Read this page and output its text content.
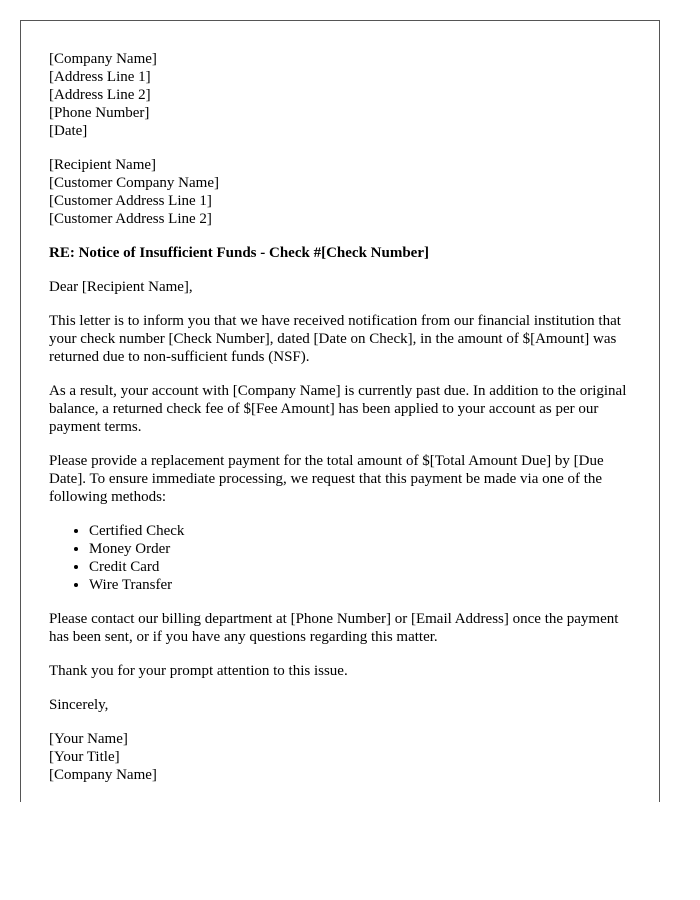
[Company Name]
[Address Line 1]
[Address Line 2]
[Phone Number]
[Date]
[Recipient Name]
[Customer Company Name]
[Customer Address Line 1]
[Customer Address Line 2]
RE: Notice of Insufficient Funds - Check #[Check Number]

Dear [Recipient Name],

This letter is to inform you that we have received notification from our financial institution that your check number [Check Number], dated [Date on Check], in the amount of $[Amount] was returned due to non-sufficient funds (NSF).

As a result, your account with [Company Name] is currently past due. In addition to the original balance, a returned check fee of $[Fee Amount] has been applied to your account as per our payment terms.

Please provide a replacement payment for the total amount of $[Total Amount Due] by [Due Date]. To ensure immediate processing, we request that this payment be made via one of the following methods:

• Certified Check
• Money Order
• Credit Card
• Wire Transfer

Please contact our billing department at [Phone Number] or [Email Address] once the payment has been sent, or if you have any questions regarding this matter.

Thank you for your prompt attention to this issue.

Sincerely,

[Your Name]
[Your Title]
[Company Name]
